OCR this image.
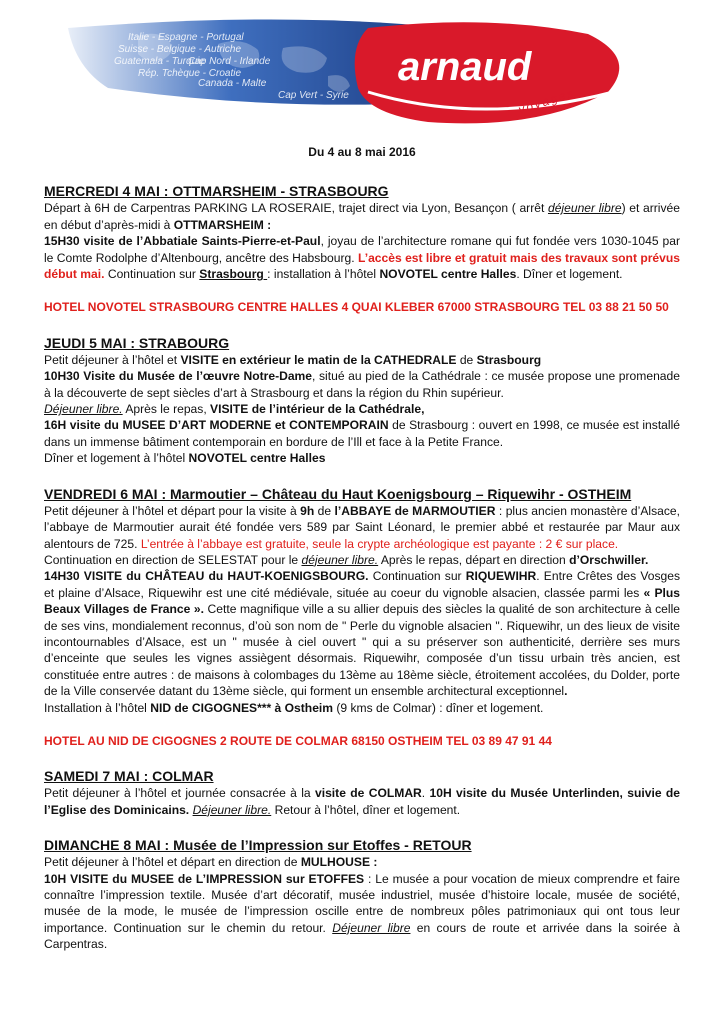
Italie - Espagne - Portugal
Suisse - Belgique - Autriche
Guatemala - Turquie
Cap Nord - Irlande
Rép. Tchèque - Croatie
Canada - Malte
Cap Vert - Syrie
arnaud
voyages
Du 4 au 8 mai 2016
MERCREDI 4 MAI : OTTMARSHEIM - STRASBOURG

Départ à 6H de Carpentras PARKING LA ROSERAIE, trajet direct via Lyon, Besançon ( arrêt déjeuner libre) et arrivée en début d’après-midi à OTTMARSHEIM :

15H30 visite de l’Abbatiale Saints-Pierre-et-Paul, joyau de l’architecture romane qui fut fondée vers 1030-1045 par le Comte Rodolphe d’Altenbourg, ancêtre des Habsbourg. L’accès est libre et gratuit mais des travaux sont prévus début mai. Continuation sur Strasbourg : installation à l’hôtel NOVOTEL centre Halles. Dîner et logement.

HOTEL NOVOTEL STRASBOURG CENTRE HALLES 4 QUAI KLEBER 67000 STRASBOURG TEL 03 88 21 50 50
JEUDI 5 MAI : STRABOURG

Petit déjeuner à l’hôtel et VISITE en extérieur le matin de la CATHEDRALE de Strasbourg

10H30 Visite du Musée de l’œuvre Notre-Dame, situé au pied de la Cathédrale : ce musée propose une promenade à la découverte de sept siècles d’art à Strasbourg et dans la région du Rhin supérieur.

Déjeuner libre. Après le repas, VISITE de l’intérieur de la Cathédrale,

16H visite du MUSEE D’ART MODERNE et CONTEMPORAIN de Strasbourg : ouvert en 1998, ce musée est installé dans un immense bâtiment contemporain en bordure de l’Ill et face à la Petite France.

Dîner et logement à l’hôtel NOVOTEL centre Halles

VENDREDI 6 MAI : Marmoutier – Château du Haut Koenigsbourg – Riquewihr - OSTHEIM

Petit déjeuner à l’hôtel et départ pour la visite à 9h de l’ABBAYE de MARMOUTIER : plus ancien monastère d’Alsace, l’abbaye de Marmoutier aurait été fondée vers 589 par Saint Léonard, le premier abbé et restaurée par Maur aux alentours de 725. L’entrée à l’abbaye est gratuite, seule la crypte archéologique est payante : 2 € sur place.

Continuation en direction de SELESTAT pour le déjeuner libre. Après le repas, départ en direction d’Orschwiller.

14H30 VISITE du CHÂTEAU du HAUT-KOENIGSBOURG. Continuation sur RIQUEWIHR. Entre Crêtes des Vosges et plaine d’Alsace, Riquewihr est une cité médiévale, située au coeur du vignoble alsacien, classée parmi les « Plus Beaux Villages de France ». Cette magnifique ville a su allier depuis des siècles la qualité de son architecture à celle de ses vins, mondialement reconnus, d’où son nom de " Perle du vignoble alsacien ". Riquewihr, un des lieux de visite incontournables d’Alsace, est un " musée à ciel ouvert " qui a su préserver son authenticité, derrière ses murs d’enceinte que seules les vignes assiègent désormais. Riquewihr, composée d’un tissu urbain très ancien, est constituée entre autres : de maisons à colombages du 13ème au 18ème siècle, étroitement accolées, du Dolder, porte de la Ville conservée datant du 13ème siècle, qui forment un ensemble architectural exceptionnel.

Installation à l’hôtel NID de CIGOGNES*** à Ostheim (9 kms de Colmar) : dîner et logement.

HOTEL AU NID DE CIGOGNES 2 ROUTE DE COLMAR 68150 OSTHEIM TEL 03 89 47 91 44
SAMEDI 7 MAI : COLMAR

Petit déjeuner à l’hôtel et journée consacrée à la visite de COLMAR. 10H visite du Musée Unterlinden, suivie de l’Eglise des Dominicains. Déjeuner libre. Retour à l’hôtel, dîner et logement.

DIMANCHE 8 MAI : Musée de l’Impression sur Etoffes - RETOUR

Petit déjeuner à l’hôtel et départ en direction de MULHOUSE :

10H VISITE du MUSEE de L’IMPRESSION sur ETOFFES : Le musée a pour vocation de mieux comprendre et faire connaître l’impression textile. Musée d’art décoratif, musée industriel, musée d’histoire locale, musée de société, musée de la mode, le musée de l’impression oscille entre de nombreux pôles patrimoniaux qui ont tous leur importance. Continuation sur le chemin du retour. Déjeuner libre en cours de route et arrivée dans la soirée à Carpentras.
